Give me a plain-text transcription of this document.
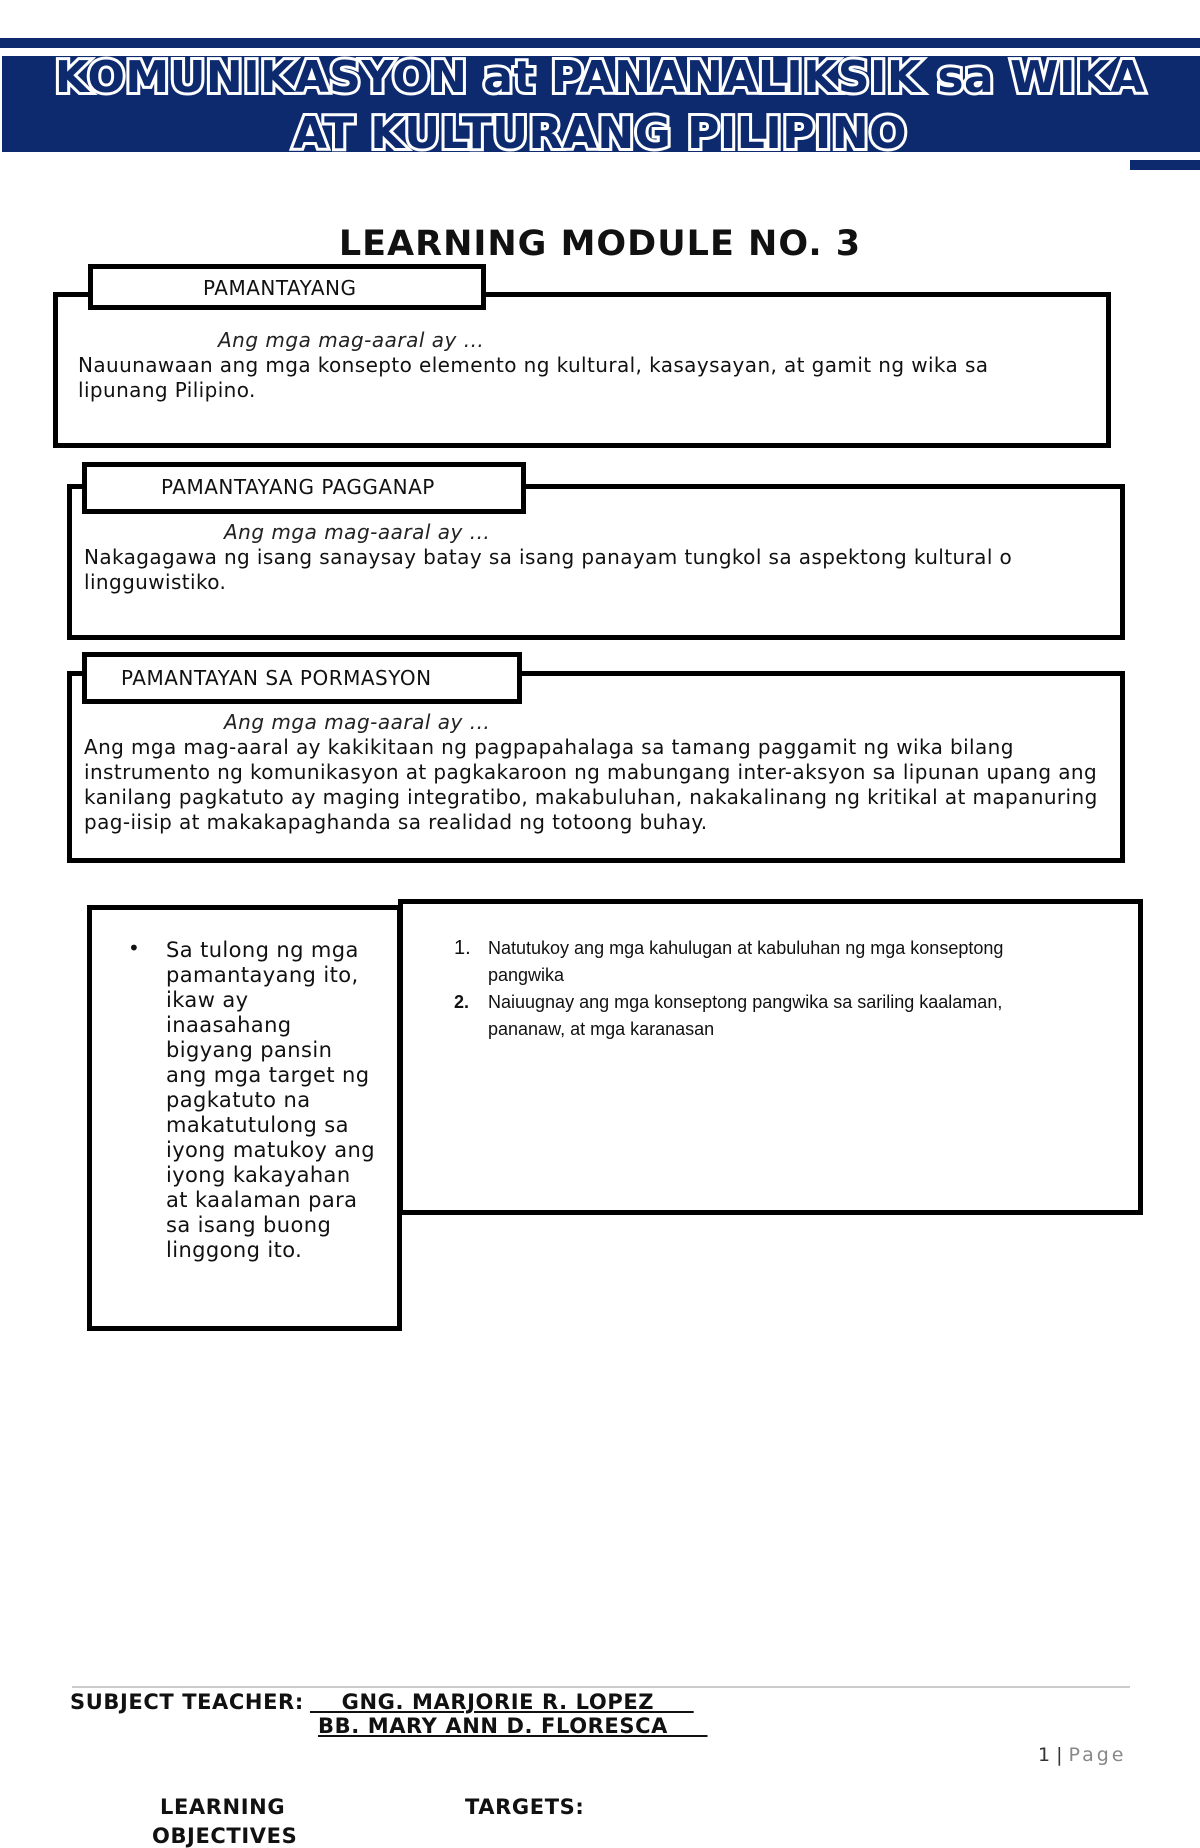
KOMUNIKASYON at PANANALIKSIK sa WIKA
AT KULTURANG PILIPINO
LEARNING MODULE NO. 3
PAMANTAYANG
Ang mga mag-aaral ay ...
Nauunawaan ang mga konsepto elemento ng kultural, kasaysayan, at gamit ng wika sa lipunang Pilipino.
PAMANTAYANG PAGGANAP
Ang mga mag-aaral ay ...
Nakagagawa ng isang sanaysay batay sa isang panayam tungkol sa aspektong kultural o lingguwistiko.
PAMANTAYAN SA PORMASYON
Ang mga mag-aaral ay ...
Ang mga mag-aaral ay kakikitaan ng pagpapahalaga sa tamang paggamit ng wika bilang instrumento ng komunikasyon at pagkakaroon ng mabungang inter-aksyon sa lipunan upang ang kanilang pagkatuto ay maging integratibo, makabuluhan, nakakalinang ng kritikal at mapanuring pag-iisip at makakapaghanda sa realidad ng totoong buhay.
• Sa tulong ng mga pamantayang ito, ikaw ay inaasahang bigyang pansin ang mga target ng pagkatuto na makatutulong sa iyong matukoy ang iyong kakayahan at kaalaman para sa isang buong linggong ito.
1. Natutukoy ang mga kahulugan at kabuluhan ng mga konseptong pangwika
2. Naiuugnay ang mga konseptong pangwika sa sariling kaalaman, pananaw, at mga karanasan
SUBJECT TEACHER: GNG. MARJORIE R. LOPEZ
BB. MARY ANN D. FLORESCA
1 | Page
LEARNING
OBJECTIVES
TARGETS:
